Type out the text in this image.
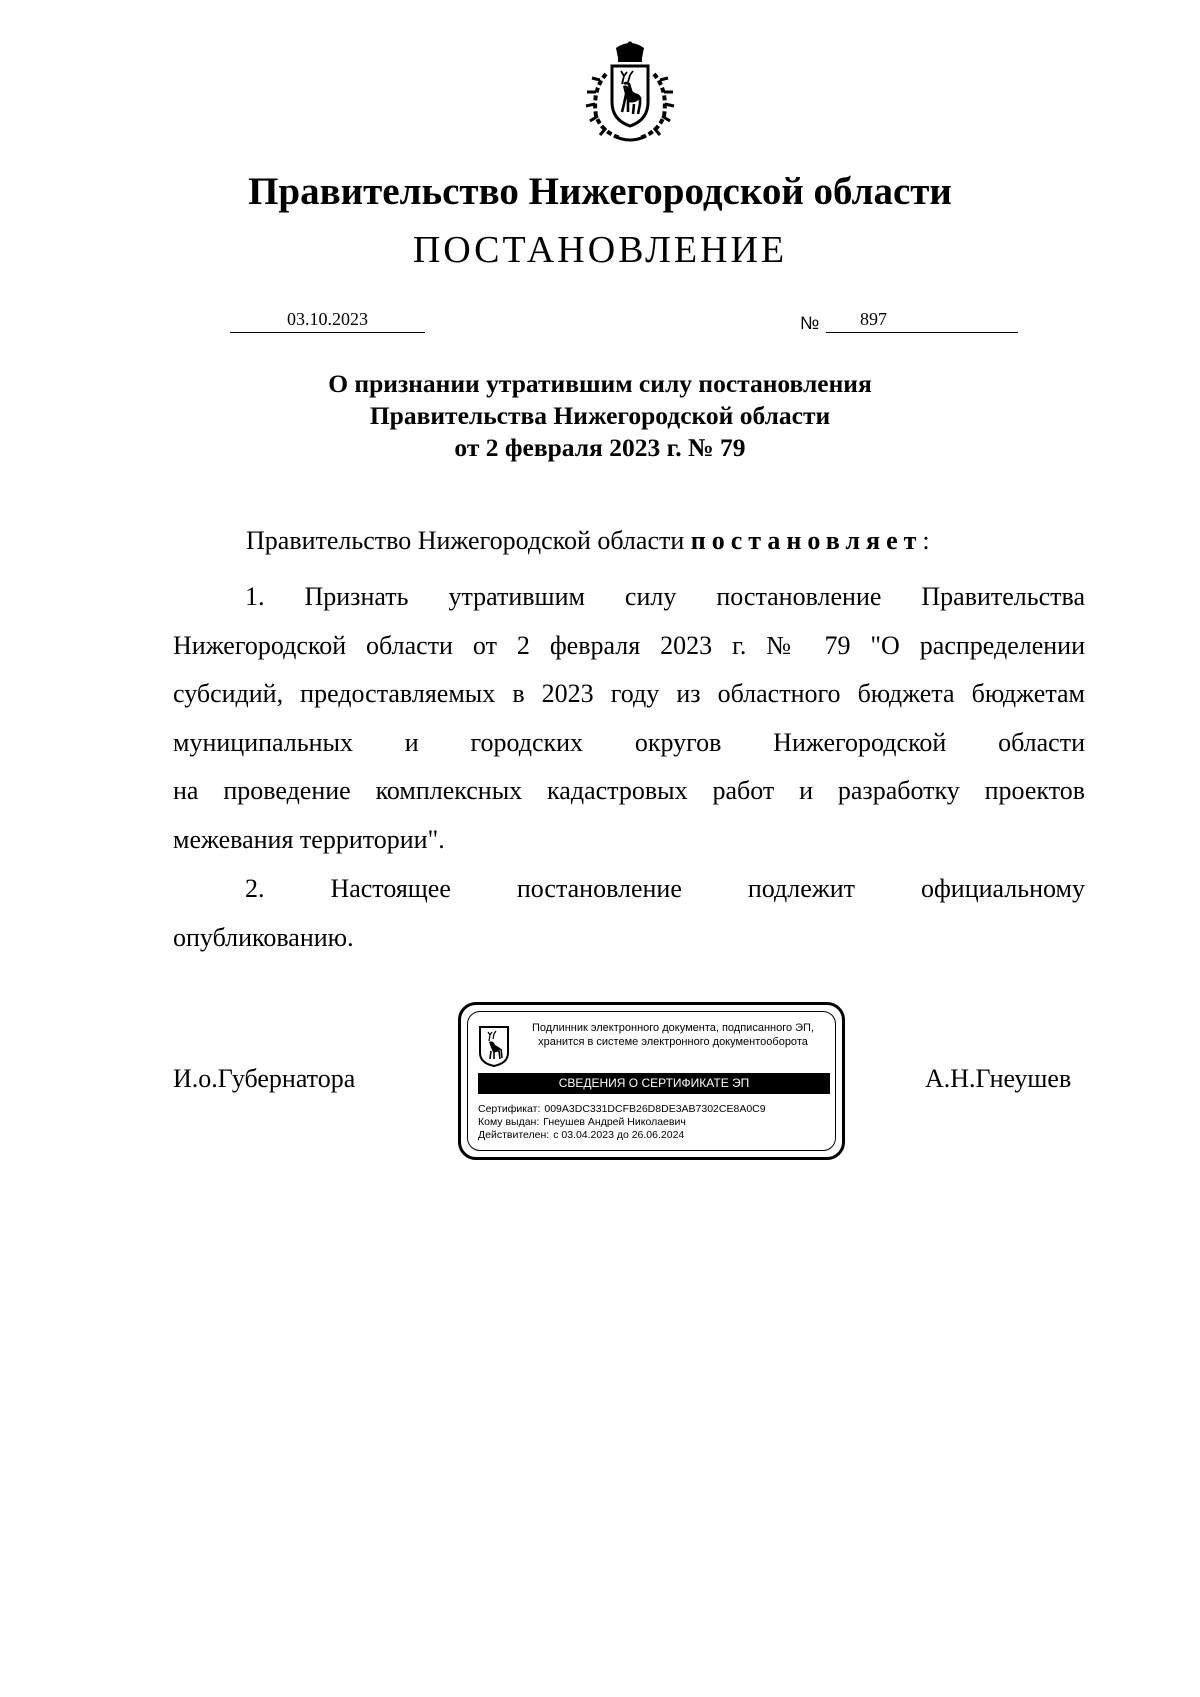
Правительство Нижегородской области
ПОСТАНОВЛЕНИЕ
03.10.2023	№ 897
О признании утратившим силу постановления
Правительства Нижегородской области
от 2 февраля 2023 г. № 79
Правительство Нижегородской области постановляет:
1. Признать утратившим силу постановление Правительства
Нижегородской области от 2 февраля 2023 г. № 79 "О распределении
субсидий, предоставляемых в 2023 году из областного бюджета бюджетам
муниципальных и городских округов Нижегородской области
на проведение комплексных кадастровых работ и разработку проектов
межевания территории".
2. Настоящее постановление подлежит официальному
опубликованию.
И.о.Губернатора	А.Н.Гнеушев
Подлинник электронного документа, подписанного ЭП,
хранится в системе электронного документооборота
СВЕДЕНИЯ О СЕРТИФИКАТЕ ЭП
Сертификат: 009A3DC331DCFB26D8DE3AB7302CE8A0C9
Кому выдан: Гнеушев Андрей Николаевич
Действителен: с 03.04.2023 до 26.06.2024
